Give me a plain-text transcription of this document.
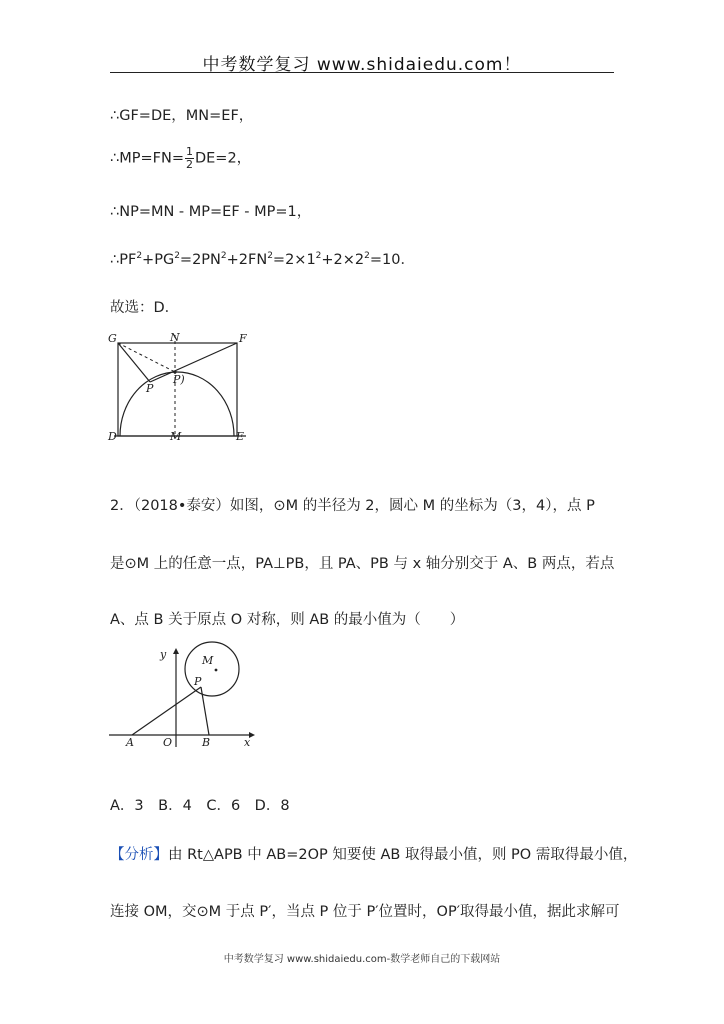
中考数学复习 www.shidaiedu.com！
∴GF=DE，MN=EF，
∴MP=FN= $\frac{1}{2} DE=2$，
∴NP=MN - MP=EF - MP=1，
$\therefore PF^2+PG^2=2PN^2+2FN^2=2\times 1^2+2\times 2^2=10$．
故选：D．
G	N	F
P
P)
D	M	E
2．（2018•泰安）如图，⊙M 的半径为 2，圆心 M 的坐标为（3，4），点 P
是⊙M 上的任意一点，PA⊥PB，且 PA、PB 与 x 轴分别交于 A、B 两点，若点
A、点 B 关于原点 O 对称，则 AB 的最小值为（　　）
y	M
P
A	O	B	x
A．3　B．4　C．6　D．8
【分析】由 Rt△APB 中 AB=2OP 知要使 AB 取得最小值，则 PO 需取得最小值，
连接 OM，交⊙M 于点 P′，当点 P 位于 P′位置时，OP′取得最小值，据此求解可
中考数学复习 www.shidaiedu.com-数学老师自己的下载网站
